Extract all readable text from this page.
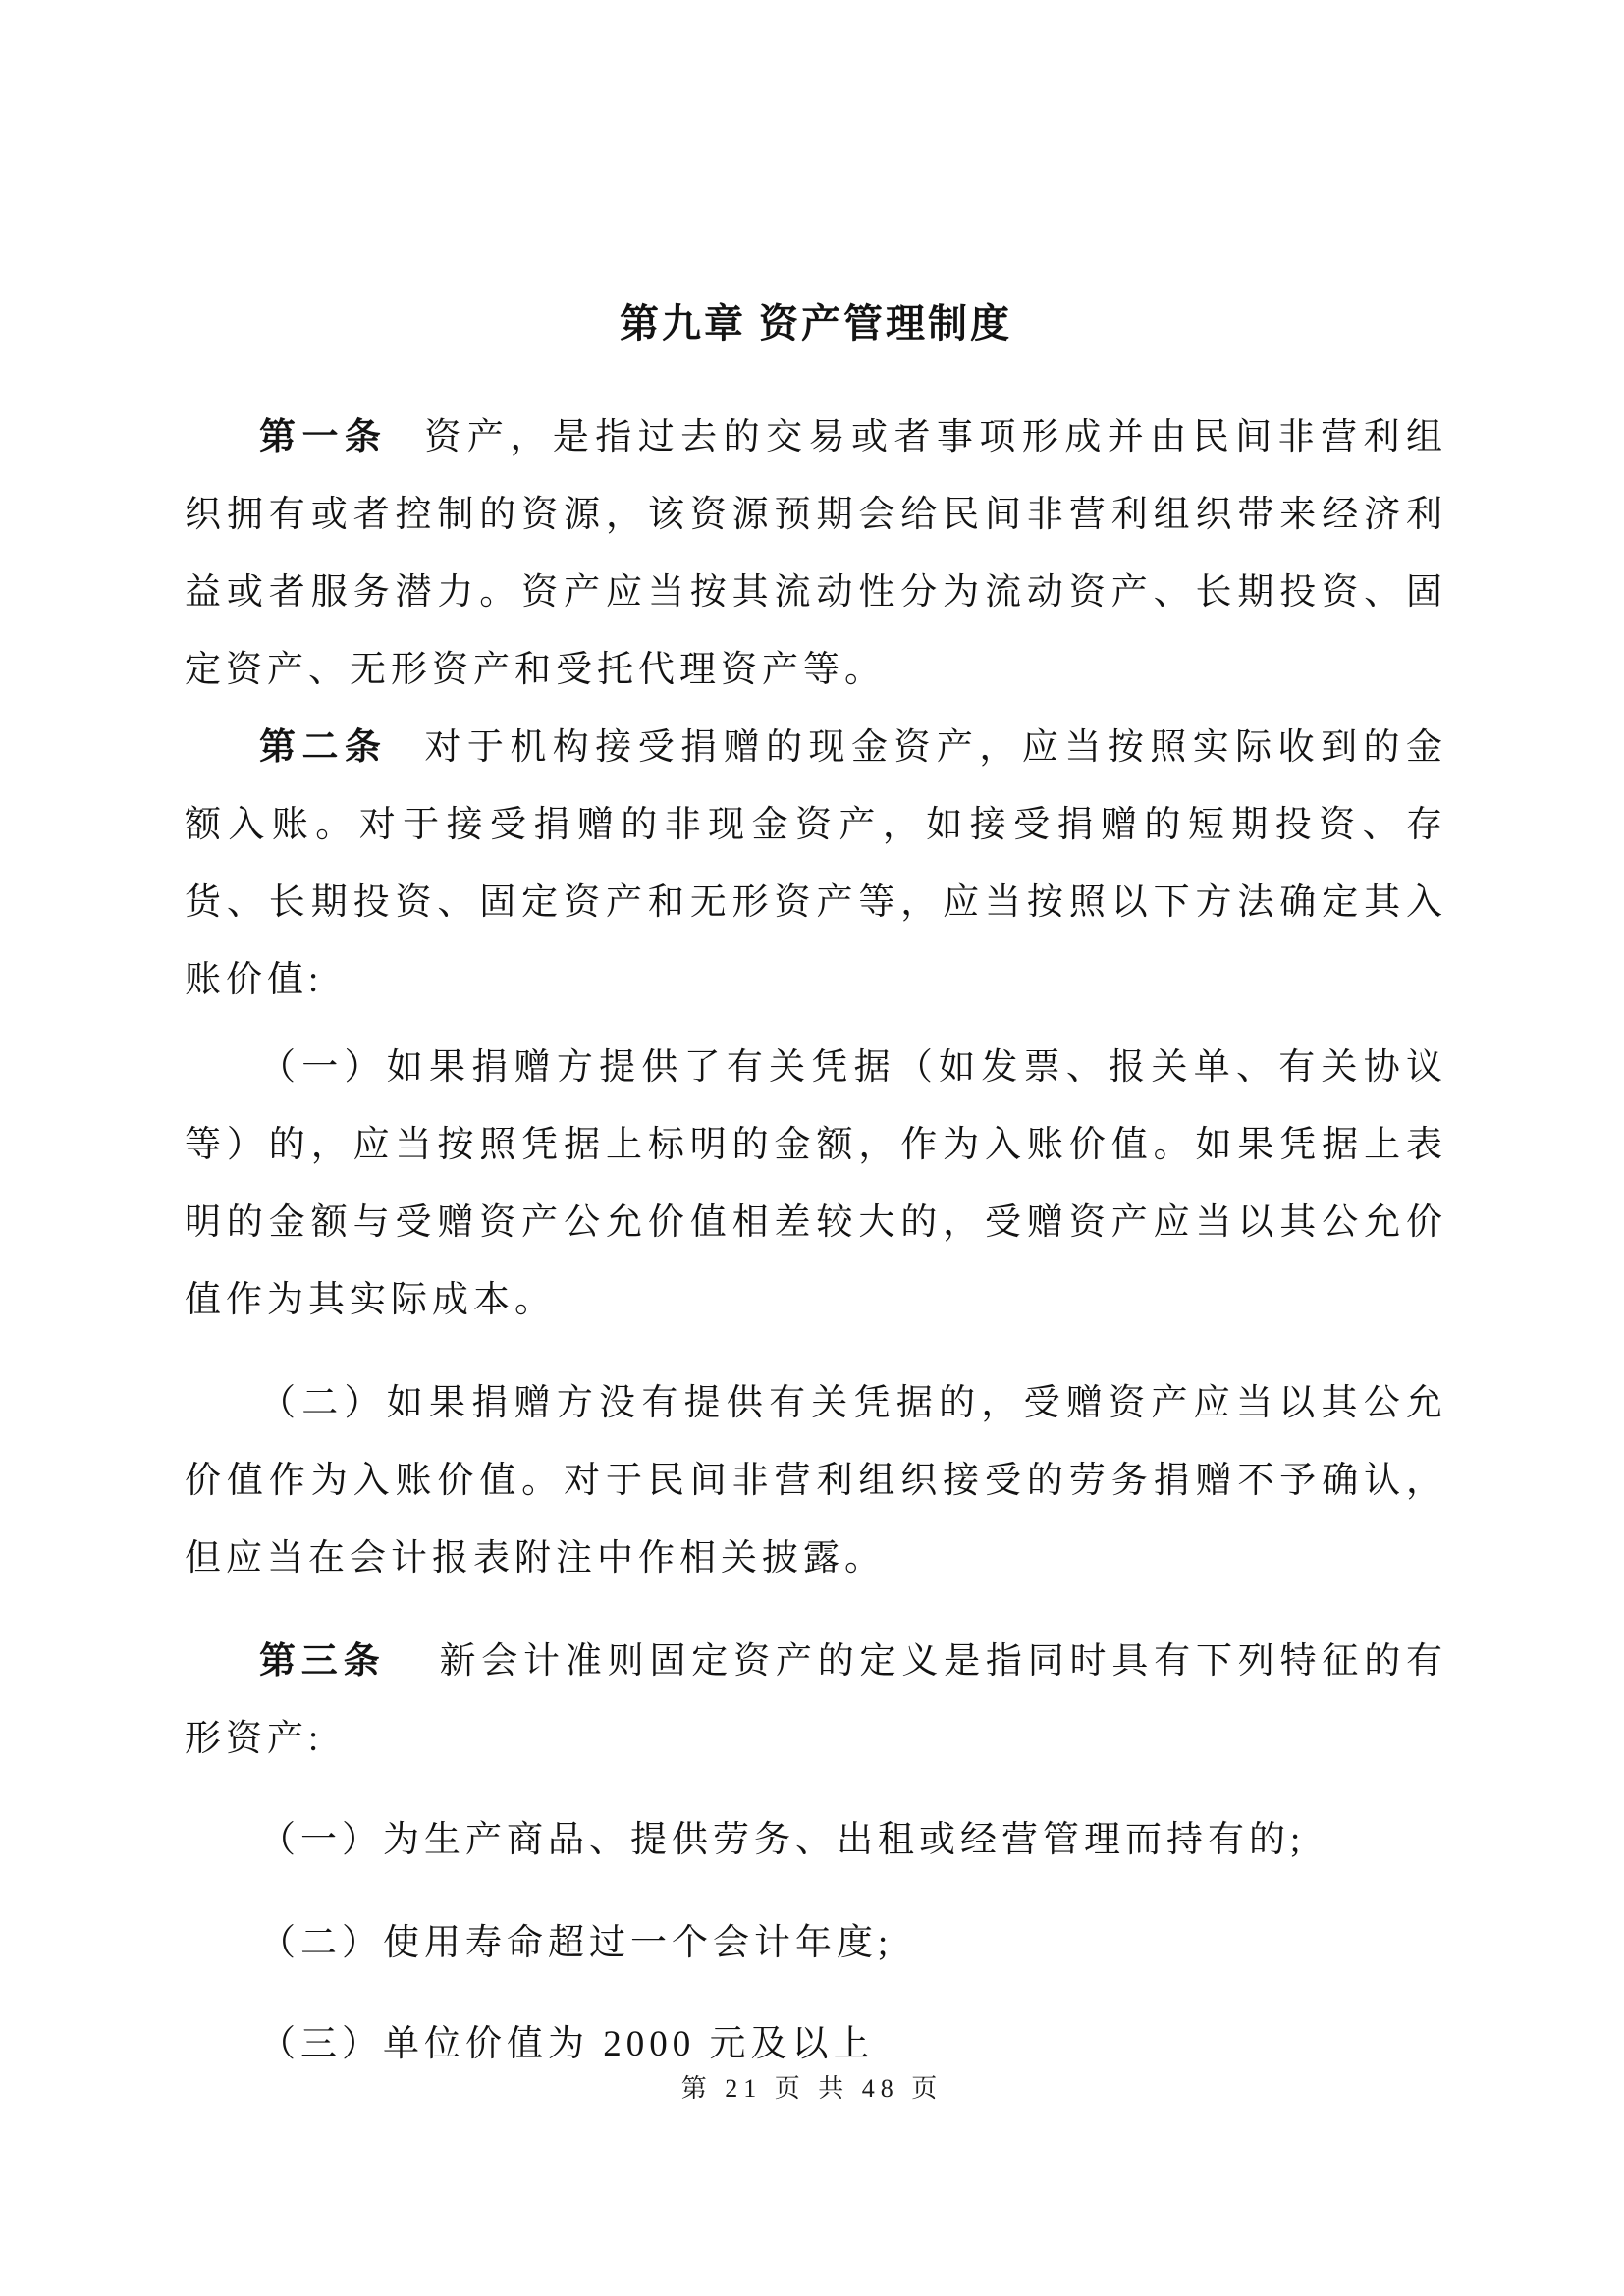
第九章 资产管理制度

第一条 资产，是指过去的交易或者事项形成并由民间非营利组织拥有或者控制的资源，该资源预期会给民间非营利组织带来经济利益或者服务潜力。资产应当按其流动性分为流动资产、长期投资、固定资产、无形资产和受托代理资产等。

第二条 对于机构接受捐赠的现金资产，应当按照实际收到的金额入账。对于接受捐赠的非现金资产，如接受捐赠的短期投资、存货、长期投资、固定资产和无形资产等，应当按照以下方法确定其入账价值:

（一）如果捐赠方提供了有关凭据（如发票、报关单、有关协议等）的，应当按照凭据上标明的金额，作为入账价值。如果凭据上表明的金额与受赠资产公允价值相差较大的，受赠资产应当以其公允价值作为其实际成本。

（二）如果捐赠方没有提供有关凭据的，受赠资产应当以其公允价值作为入账价值。对于民间非营利组织接受的劳务捐赠不予确认，但应当在会计报表附注中作相关披露。

第三条 新会计准则固定资产的定义是指同时具有下列特征的有形资产:

（一）为生产商品、提供劳务、出租或经营管理而持有的;

（二）使用寿命超过一个会计年度;

（三）单位价值为 2000 元及以上

第 21 页 共 48 页
